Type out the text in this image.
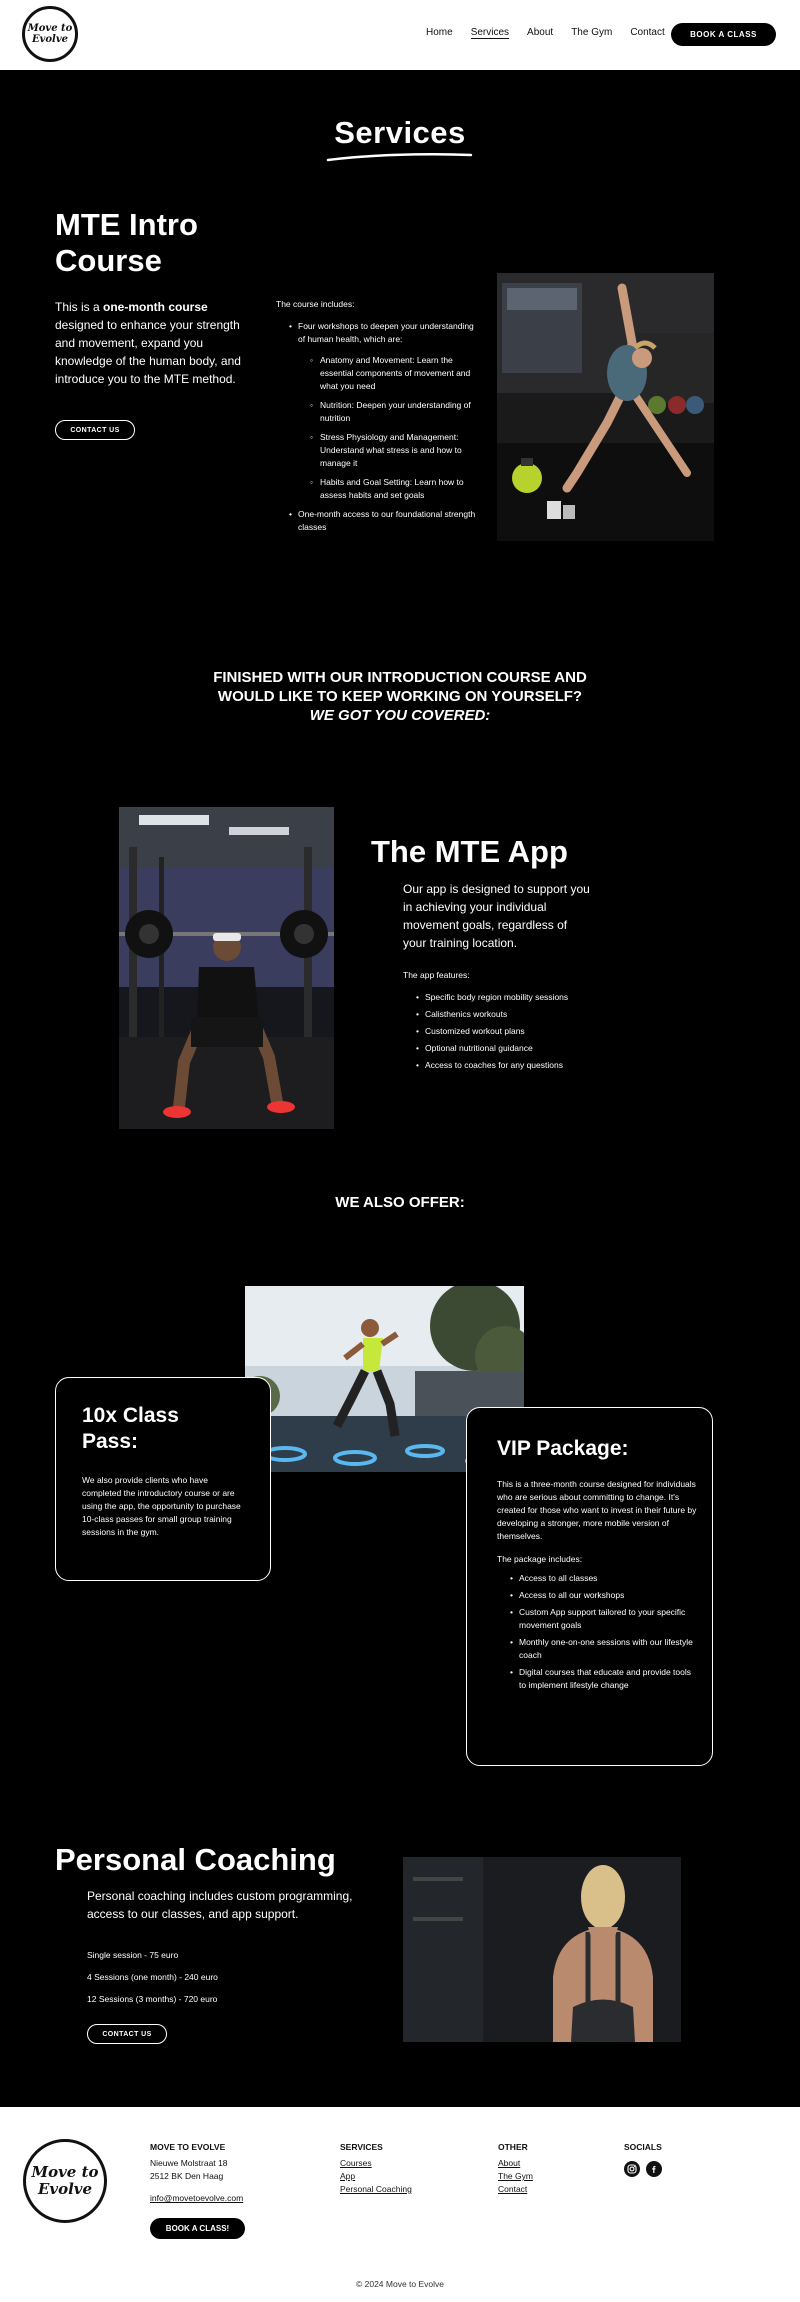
Move to
Evolve
Home Services About The Gym Contact	BOOK A CLASS
Services
MTE Intro Course
This is a one-month course designed to enhance your strength and movement, expand you knowledge of the human body, and introduce you to the MTE method.
CONTACT US
The course includes:
• Four workshops to deepen your understanding of human health, which are:
◦ Anatomy and Movement: Learn the essential components of movement and what you need
◦ Nutrition: Deepen your understanding of nutrition
◦ Stress Physiology and Management: Understand what stress is and how to manage it
◦ Habits and Goal Setting: Learn how to assess habits and set goals
• One-month access to our foundational strength classes
FINISHED WITH OUR INTRODUCTION COURSE AND
WOULD LIKE TO KEEP WORKING ON YOURSELF?
WE GOT YOU COVERED:
The MTE App
Our app is designed to support you in achieving your individual movement goals, regardless of your training location.
The app features:
• Specific body region mobility sessions
• Calisthenics workouts
• Customized workout plans
• Optional nutritional guidance
• Access to coaches for any questions
WE ALSO OFFER:
10x Class Pass:
We also provide clients who have completed the introductory course or are using the app, the opportunity to purchase 10-class passes for small group training sessions in the gym.
VIP Package:
This is a three-month course designed for individuals who are serious about committing to change. It's created for those who want to invest in their future by developing a stronger, more mobile version of themselves.
The package includes:
• Access to all classes
• Access to all our workshops
• Custom App support tailored to your specific movement goals
• Monthly one-on-one sessions with our lifestyle coach
• Digital courses that educate and provide tools to implement lifestyle change
Personal Coaching
Personal coaching includes custom programming, access to our classes, and app support.
Single session - 75 euro
4 Sessions (one month) - 240 euro
12 Sessions (3 months) - 720 euro
CONTACT US
Move to
Evolve
MOVE TO EVOLVE
Nieuwe Molstraat 18
2512 BK Den Haag
info@movetoevolve.com
BOOK A CLASS!
SERVICES
Courses
App
Personal Coaching
OTHER
About
The Gym
Contact
SOCIALS

© 2024 Move to Evolve
